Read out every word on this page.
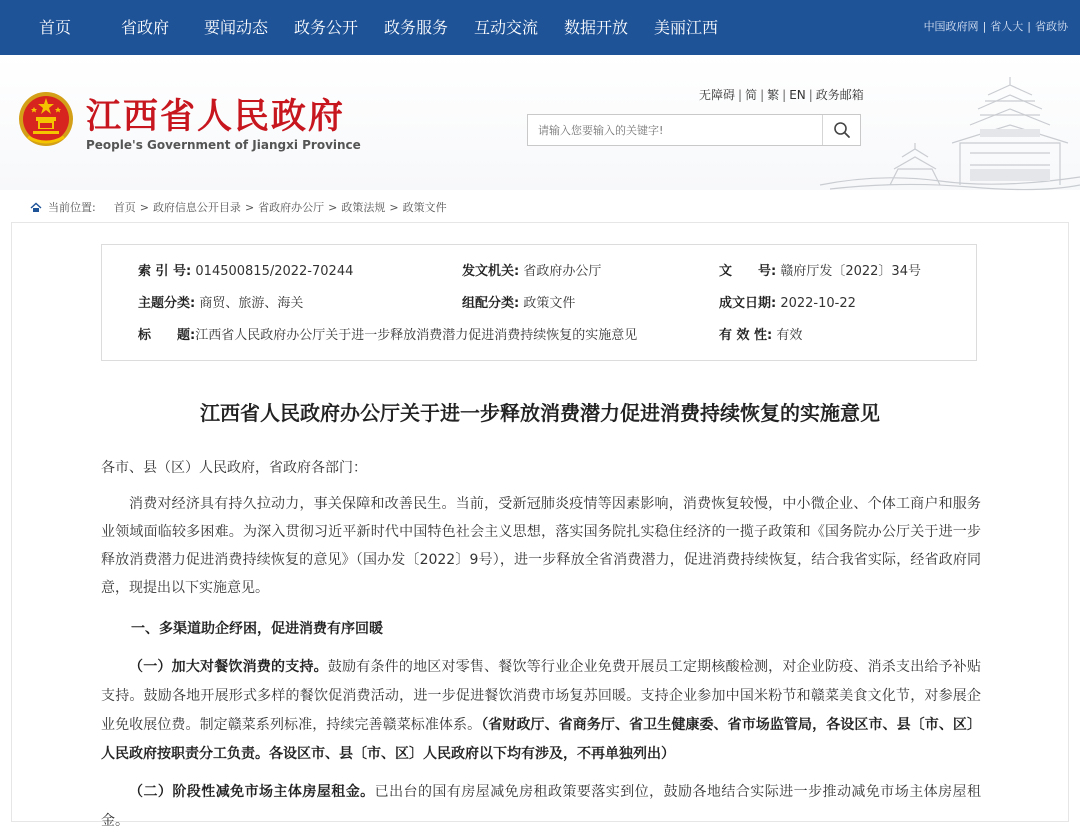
首页	省政府 要闻动态 政务公开 政务服务 互动交流 数据开放 美丽江西	中国政府网 | 省人大 | 省政协
江西省人民政府
People's Government of Jiangxi Province
无障碍 | 简 | 繁 | EN | 政务邮箱
请输入您要输入的关键字!
当前位置: 首页 > 政府信息公开目录 > 省政府办公厅 > 政策法规 > 政策文件
索 引 号: 014500815/2022-70244	发文机关: 省政府办公厅	文　　号: 赣府厅发〔2022〕34号
主题分类: 商贸、旅游、海关	组配分类: 政策文件	成文日期: 2022-10-22
标　　题:江西省人民政府办公厅关于进一步释放消费潜力促进消费持续恢复的实施意见	有 效 性: 有效
江西省人民政府办公厅关于进一步释放消费潜力促进消费持续恢复的实施意见
各市、县（区）人民政府，省政府各部门：
消费对经济具有持久拉动力，事关保障和改善民生。当前，受新冠肺炎疫情等因素影响，消费恢复较慢，中小微企业、个体工商户和服务业领域面临较多困难。为深入贯彻习近平新时代中国特色社会主义思想，落实国务院扎实稳住经济的一揽子政策和《国务院办公厅关于进一步释放消费潜力促进消费持续恢复的意见》（国办发〔2022〕9号），进一步释放全省消费潜力，促进消费持续恢复，结合我省实际，经省政府同意，现提出以下实施意见。
一、多渠道助企纾困，促进消费有序回暖
（一）加大对餐饮消费的支持。鼓励有条件的地区对零售、餐饮等行业企业免费开展员工定期核酸检测，对企业防疫、消杀支出给予补贴支持。鼓励各地开展形式多样的餐饮促消费活动，进一步促进餐饮消费市场复苏回暖。支持企业参加中国米粉节和赣菜美食文化节，对参展企业免收展位费。制定赣菜系列标准，持续完善赣菜标准体系。（省财政厅、省商务厅、省卫生健康委、省市场监管局，各设区市、县〔市、区〕人民政府按职责分工负责。各设区市、县〔市、区〕人民政府以下均有涉及，不再单独列出）
（二）阶段性减免市场主体房屋租金。已出台的国有房屋减免房租政策要落实到位，鼓励各地结合实际进一步推动减免市场主体房屋租金。
